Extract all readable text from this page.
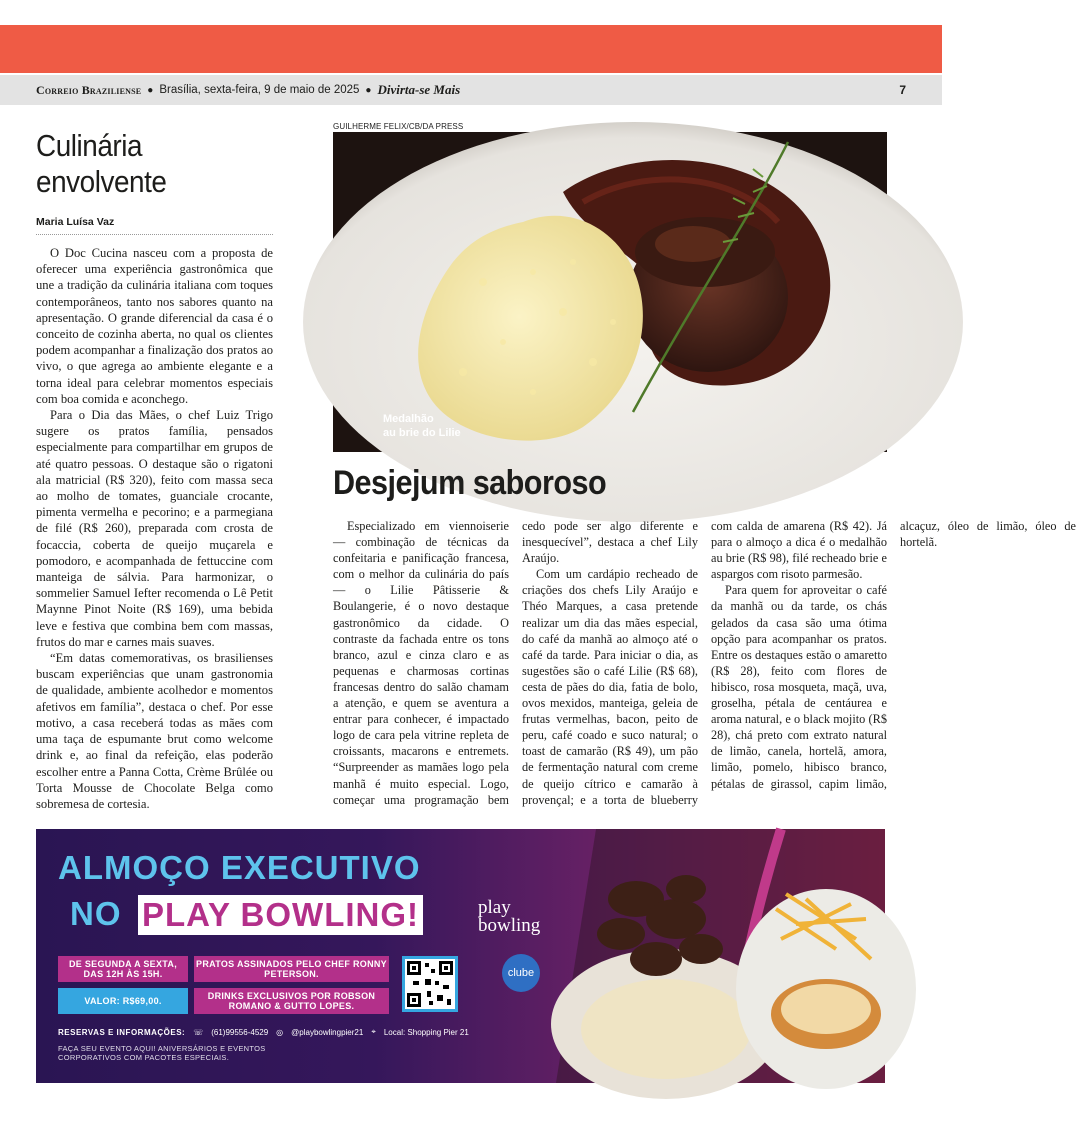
Correio Braziliense ● Brasília, sexta-feira, 9 de maio de 2025 ● Divirta-se Mais	7
Culinária
envolvente
Maria Luísa Vaz

O Doc Cucina nasceu com a proposta de oferecer uma experiência gastronômica que une a tradição da culinária italiana com toques contemporâneos, tanto nos sabores quanto na apresentação. O grande diferencial da casa é o conceito de cozinha aberta, no qual os clientes podem acompanhar a finalização dos pratos ao vivo, o que agrega ao ambiente elegante e a torna ideal para celebrar momentos especiais com boa comida e aconchego.

Para o Dia das Mães, o chef Luiz Trigo sugere os pratos família, pensados especialmente para compartilhar em grupos de até quatro pessoas. O destaque são o rigatoni ala matricial (R$ 320), feito com massa seca ao molho de tomates, guanciale crocante, pimenta vermelha e pecorino; e a parmegiana de filé (R$ 260), preparada com crosta de focaccia, coberta de queijo muçarela e pomodoro, e acompanhada de fettuccine com manteiga de sálvia. Para harmonizar, o sommelier Samuel Iefter recomenda o Lê Petit Maynne Pinot Noite (R$ 169), uma bebida leve e festiva que combina bem com massas, frutos do mar e carnes mais suaves.

“Em datas comemorativas, os brasilienses buscam experiências que unam gastronomia de qualidade, ambiente acolhedor e momentos afetivos em família”, destaca o chef. Por esse motivo, a casa receberá todas as mães com uma taça de espumante brut como welcome drink e, ao final da refeição, elas poderão escolher entre a Panna Cotta, Crème Brûlée ou Torta Mousse de Chocolate Belga como sobremesa de cortesia.

GUILHERME FELIX/CB/DA PRESS
Medalhão
au brie do Lilie
Desjejum saboroso

Especializado em viennoiserie — combinação de técnicas da confeitaria e panificação francesa, com o melhor da culinária do país — o Lilie Pâtisserie & Boulangerie, é o novo destaque gastronômico da cidade. O contraste da fachada entre os tons branco, azul e cinza claro e as pequenas e charmosas cortinas francesas dentro do salão chamam a atenção, e quem se aventura a entrar para conhecer, é impactado logo de cara pela vitrine repleta de croissants, macarons e entremets. “Surpreender as mamães logo pela manhã é muito especial. Logo, começar uma programação bem cedo pode ser algo diferente e inesquecível”, destaca a chef Lily Araújo.

Com um cardápio recheado de criações dos chefs Lily Araújo e Théo Marques, a casa pretende realizar um dia das mães especial, do café da manhã ao almoço até o café da tarde. Para iniciar o dia, as sugestões são o café Lilie (R$ 68), cesta de pães do dia, fatia de bolo, ovos mexidos, manteiga, geleia de frutas vermelhas, bacon, peito de peru, café coado e suco natural; o toast de camarão (R$ 49), um pão de fermentação natural com creme de queijo cítrico e camarão à provençal; e a torta de blueberry com calda de amarena (R$ 42). Já para o almoço a dica é o medalhão au brie (R$ 98), filé recheado brie e aspargos com risoto parmesão.

Para quem for aproveitar o café da manhã ou da tarde, os chás gelados da casa são uma ótima opção para acompanhar os pratos. Entre os destaques estão o amaretto (R$ 28), feito com flores de hibisco, rosa mosqueta, maçã, uva, groselha, pétala de centáurea e aroma natural, e o black mojito (R$ 28), chá preto com extrato natural de limão, canela, hortelã, amora, limão, pomelo, hibisco branco, pétalas de girassol, capim limão, alcaçuz, óleo de limão, óleo de hortelã.

ALMOÇO EXECUTIVO
NO PLAY BOWLING!
DE SEGUNDA A SEXTA, DAS 12H ÀS 15H.
VALOR: R$69,00.
PRATOS ASSINADOS PELO CHEF RONNY PETERSON.
DRINKS EXCLUSIVOS POR ROBSON ROMANO & GUTTO LOPES.
play
bowling
clube
RESERVAS E INFORMAÇÕES: ☏ (61)99556-4529 ◎ @playbowlingpier21 ⌖ Local: Shopping Pier 21
FAÇA SEU EVENTO AQUI! ANIVERSÁRIOS E EVENTOS CORPORATIVOS COM PACOTES ESPECIAIS.
